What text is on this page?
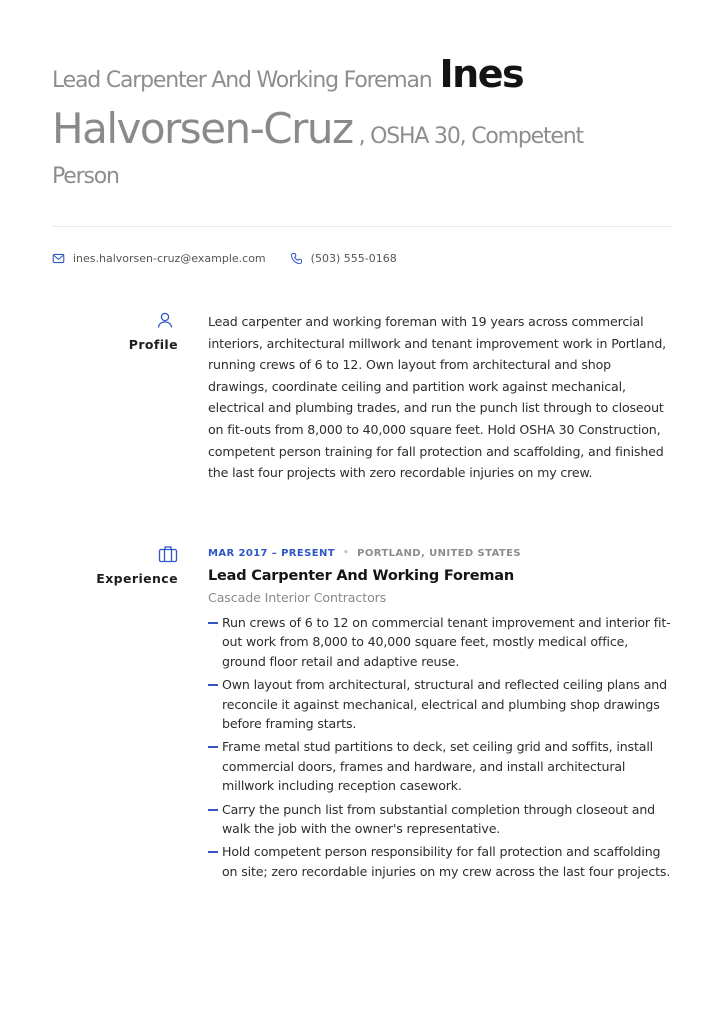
Lead Carpenter And Working Foreman Ines
Halvorsen-Cruz , OSHA 30, Competent
Person
ines.halvorsen-cruz@example.com	(503) 555-0168
Profile
Lead carpenter and working foreman with 19 years across commercial interiors, architectural millwork and tenant improvement work in Portland, running crews of 6 to 12. Own layout from architectural and shop drawings, coordinate ceiling and partition work against mechanical, electrical and plumbing trades, and run the punch list through to closeout on fit-outs from 8,000 to 40,000 square feet. Hold OSHA 30 Construction, competent person training for fall protection and scaffolding, and finished the last four projects with zero recordable injuries on my crew.
Experience
MAR 2017 – PRESENT • PORTLAND, UNITED STATES
Lead Carpenter And Working Foreman
Cascade Interior Contractors
Run crews of 6 to 12 on commercial tenant improvement and interior fit-out work from 8,000 to 40,000 square feet, mostly medical office, ground floor retail and adaptive reuse.
Own layout from architectural, structural and reflected ceiling plans and reconcile it against mechanical, electrical and plumbing shop drawings before framing starts.
Frame metal stud partitions to deck, set ceiling grid and soffits, install commercial doors, frames and hardware, and install architectural millwork including reception casework.
Carry the punch list from substantial completion through closeout and walk the job with the owner's representative.
Hold competent person responsibility for fall protection and scaffolding on site; zero recordable injuries on my crew across the last four projects.
